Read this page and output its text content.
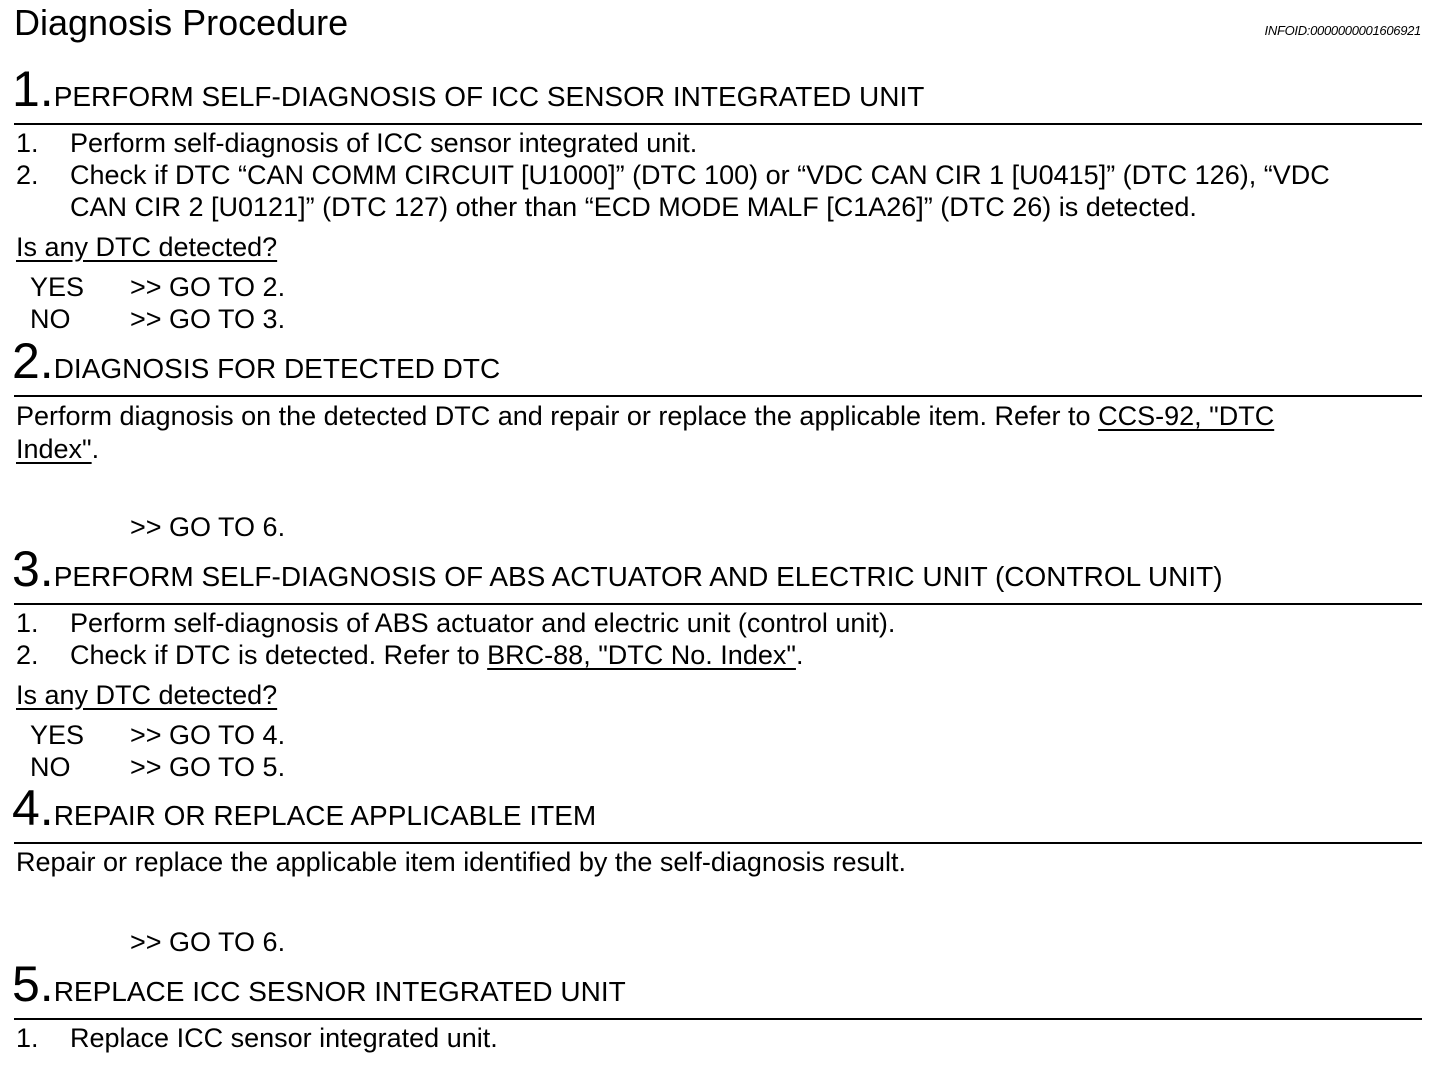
Diagnosis Procedure	INFOID:0000000001606921
1.PERFORM SELF-DIAGNOSIS OF ICC SENSOR INTEGRATED UNIT
1. Perform self-diagnosis of ICC sensor integrated unit.
2. Check if DTC “CAN COMM CIRCUIT [U1000]” (DTC 100) or “VDC CAN CIR 1 [U0415]” (DTC 126), “VDC
CAN CIR 2 [U0121]” (DTC 127) other than “ECD MODE MALF [C1A26]” (DTC 26) is detected.
Is any DTC detected?
YES >> GO TO 2.
NO >> GO TO 3.
2.DIAGNOSIS FOR DETECTED DTC
Perform diagnosis on the detected DTC and repair or replace the applicable item. Refer to CCS-92, "DTC
Index".
>> GO TO 6.
3.PERFORM SELF-DIAGNOSIS OF ABS ACTUATOR AND ELECTRIC UNIT (CONTROL UNIT)
1. Perform self-diagnosis of ABS actuator and electric unit (control unit).
2. Check if DTC is detected. Refer to BRC-88, "DTC No. Index".
Is any DTC detected?
YES >> GO TO 4.
NO >> GO TO 5.
4.REPAIR OR REPLACE APPLICABLE ITEM
Repair or replace the applicable item identified by the self-diagnosis result.
>> GO TO 6.
5.REPLACE ICC SESNOR INTEGRATED UNIT
1. Replace ICC sensor integrated unit.
